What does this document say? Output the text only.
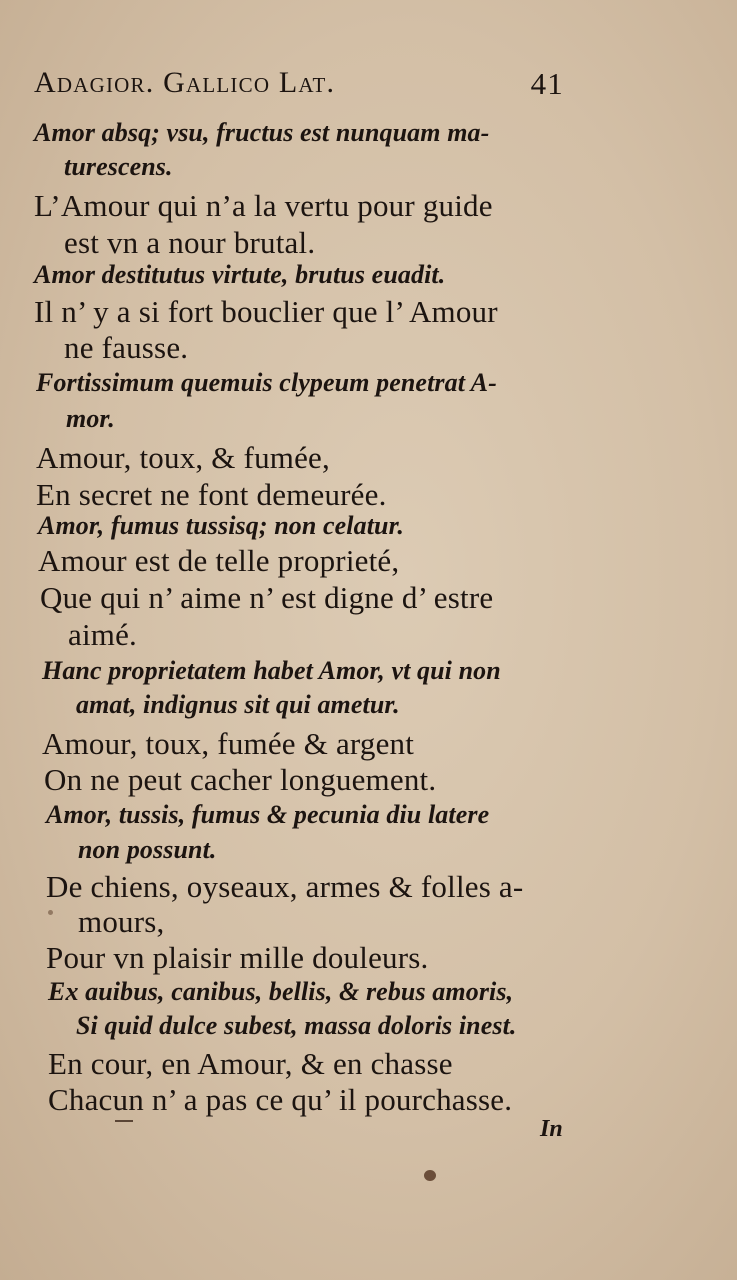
Adagior. Gallico Lat.	41
Amor absq; vsu, fructus est nunquam ma-
turescens.
L’Amour qui n’a la vertu pour guide
est vn a nour brutal.
Amor destitutus virtute, brutus euadit.
Il n’ y a si fort bouclier que l’ Amour
ne fausse.
Fortissimum quemuis clypeum penetrat A-
mor.
Amour, toux, & fumée,
En secret ne font demeurée.
Amor, fumus tussisq; non celatur.
Amour est de telle proprieté,
Que qui n’ aime n’ est digne d’ estre
aimé.
Hanc proprietatem habet Amor, vt qui non
amat, indignus sit qui ametur.
Amour, toux, fumée & argent
On ne peut cacher longuement.
Amor, tussis, fumus & pecunia diu latere
non possunt.
De chiens, oyseaux, armes & folles a-
mours,
Pour vn plaisir mille douleurs.
Ex auibus, canibus, bellis, & rebus amoris,
Si quid dulce subest, massa doloris inest.
En cour, en Amour, & en chasse
Chacun n’ a pas ce qu’ il pourchasse.
In
